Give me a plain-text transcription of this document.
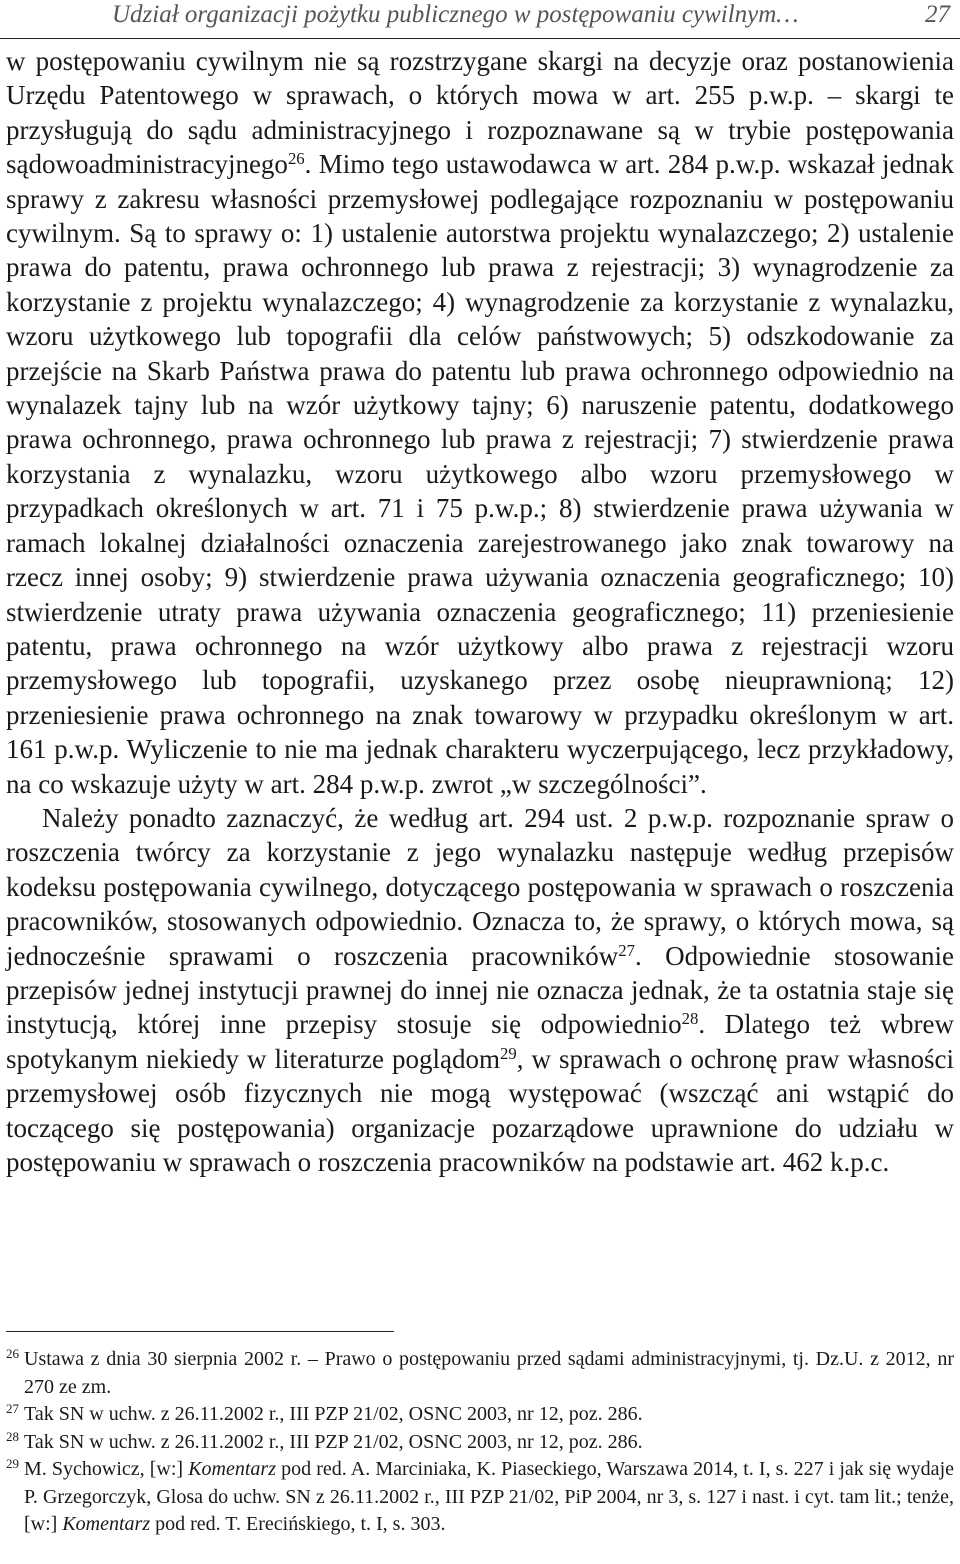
Udział organizacji pożytku publicznego w postępowaniu cywilnym…	27

w postępowaniu cywilnym nie są rozstrzygane skargi na decyzje oraz postanowienia Urzędu Patentowego w sprawach, o których mowa w art. 255 p.w.p. – skargi te przysługują do sądu administracyjnego i rozpoznawane są w trybie postępowania sądowoadministracyjnego$^{26}$. Mimo tego ustawodawca w art. 284 p.w.p. wskazał jednak sprawy z zakresu własności przemysłowej podlegające rozpoznaniu w postępowaniu cywilnym. Są to sprawy o: 1) ustalenie autorstwa projektu wynalazczego; 2) ustalenie prawa do patentu, prawa ochronnego lub prawa z rejestracji; 3) wynagrodzenie za korzystanie z projektu wynalazczego; 4) wynagrodzenie za korzystanie z wynalazku, wzoru użytkowego lub topografii dla celów państwowych; 5) odszkodowanie za przejście na Skarb Państwa prawa do patentu lub prawa ochronnego odpowiednio na wynalazek tajny lub na wzór użytkowy tajny; 6) naruszenie patentu, dodatkowego prawa ochronnego, prawa ochronnego lub prawa z rejestracji; 7) stwierdzenie prawa korzystania z wynalazku, wzoru użytkowego albo wzoru przemysłowego w przypadkach określonych w art. 71 i 75 p.w.p.; 8) stwierdzenie prawa używania w ramach lokalnej działalności oznaczenia zarejestrowanego jako znak towarowy na rzecz innej osoby; 9) stwierdzenie prawa używania oznaczenia geograficznego; 10) stwierdzenie utraty prawa używania oznaczenia geograficznego; 11) przeniesienie patentu, prawa ochronnego na wzór użytkowy albo prawa z rejestracji wzoru przemysłowego lub topografii, uzyskanego przez osobę nieuprawnioną; 12) przeniesienie prawa ochronnego na znak towarowy w przypadku określonym w art. 161 p.w.p. Wyliczenie to nie ma jednak charakteru wyczerpującego, lecz przykładowy, na co wskazuje użyty w art. 284 p.w.p. zwrot „w szczególności”.

Należy ponadto zaznaczyć, że według art. 294 ust. 2 p.w.p. rozpoznanie spraw o roszczenia twórcy za korzystanie z jego wynalazku następuje według przepisów kodeksu postępowania cywilnego, dotyczącego postępowania w sprawach o roszczenia pracowników, stosowanych odpowiednio. Oznacza to, że sprawy, o których mowa, są jednocześnie sprawami o roszczenia pracowników$^{27}$. Odpowiednie stosowanie przepisów jednej instytucji prawnej do innej nie oznacza jednak, że ta ostatnia staje się instytucją, której inne przepisy stosuje się odpowiednio$^{28}$. Dlatego też wbrew spotykanym niekiedy w literaturze poglądom$^{29}$, w sprawach o ochronę praw własności przemysłowej osób fizycznych nie mogą występować (wszcząć ani wstąpić do toczącego się postępowania) organizacje pozarządowe uprawnione do udziału w postępowaniu w sprawach o roszczenia pracowników na podstawie art. 462 k.p.c.

26 Ustawa z dnia 30 sierpnia 2002 r. – Prawo o postępowaniu przed sądami administracyjnymi, tj. Dz.U. z 2012, nr 270 ze zm.
27 Tak SN w uchw. z 26.11.2002 r., III PZP 21/02, OSNC 2003, nr 12, poz. 286.
28 Tak SN w uchw. z 26.11.2002 r., III PZP 21/02, OSNC 2003, nr 12, poz. 286.
29 M. Sychowicz, [w:] Komentarz pod red. A. Marciniaka, K. Piaseckiego, Warszawa 2014, t. I, s. 227 i jak się wydaje P. Grzegorczyk, Glosa do uchw. SN z 26.11.2002 r., III PZP 21/02, PiP 2004, nr 3, s. 127 i nast. i cyt. tam lit.; tenże, [w:] Komentarz pod red. T. Erecińskiego, t. I, s. 303.
